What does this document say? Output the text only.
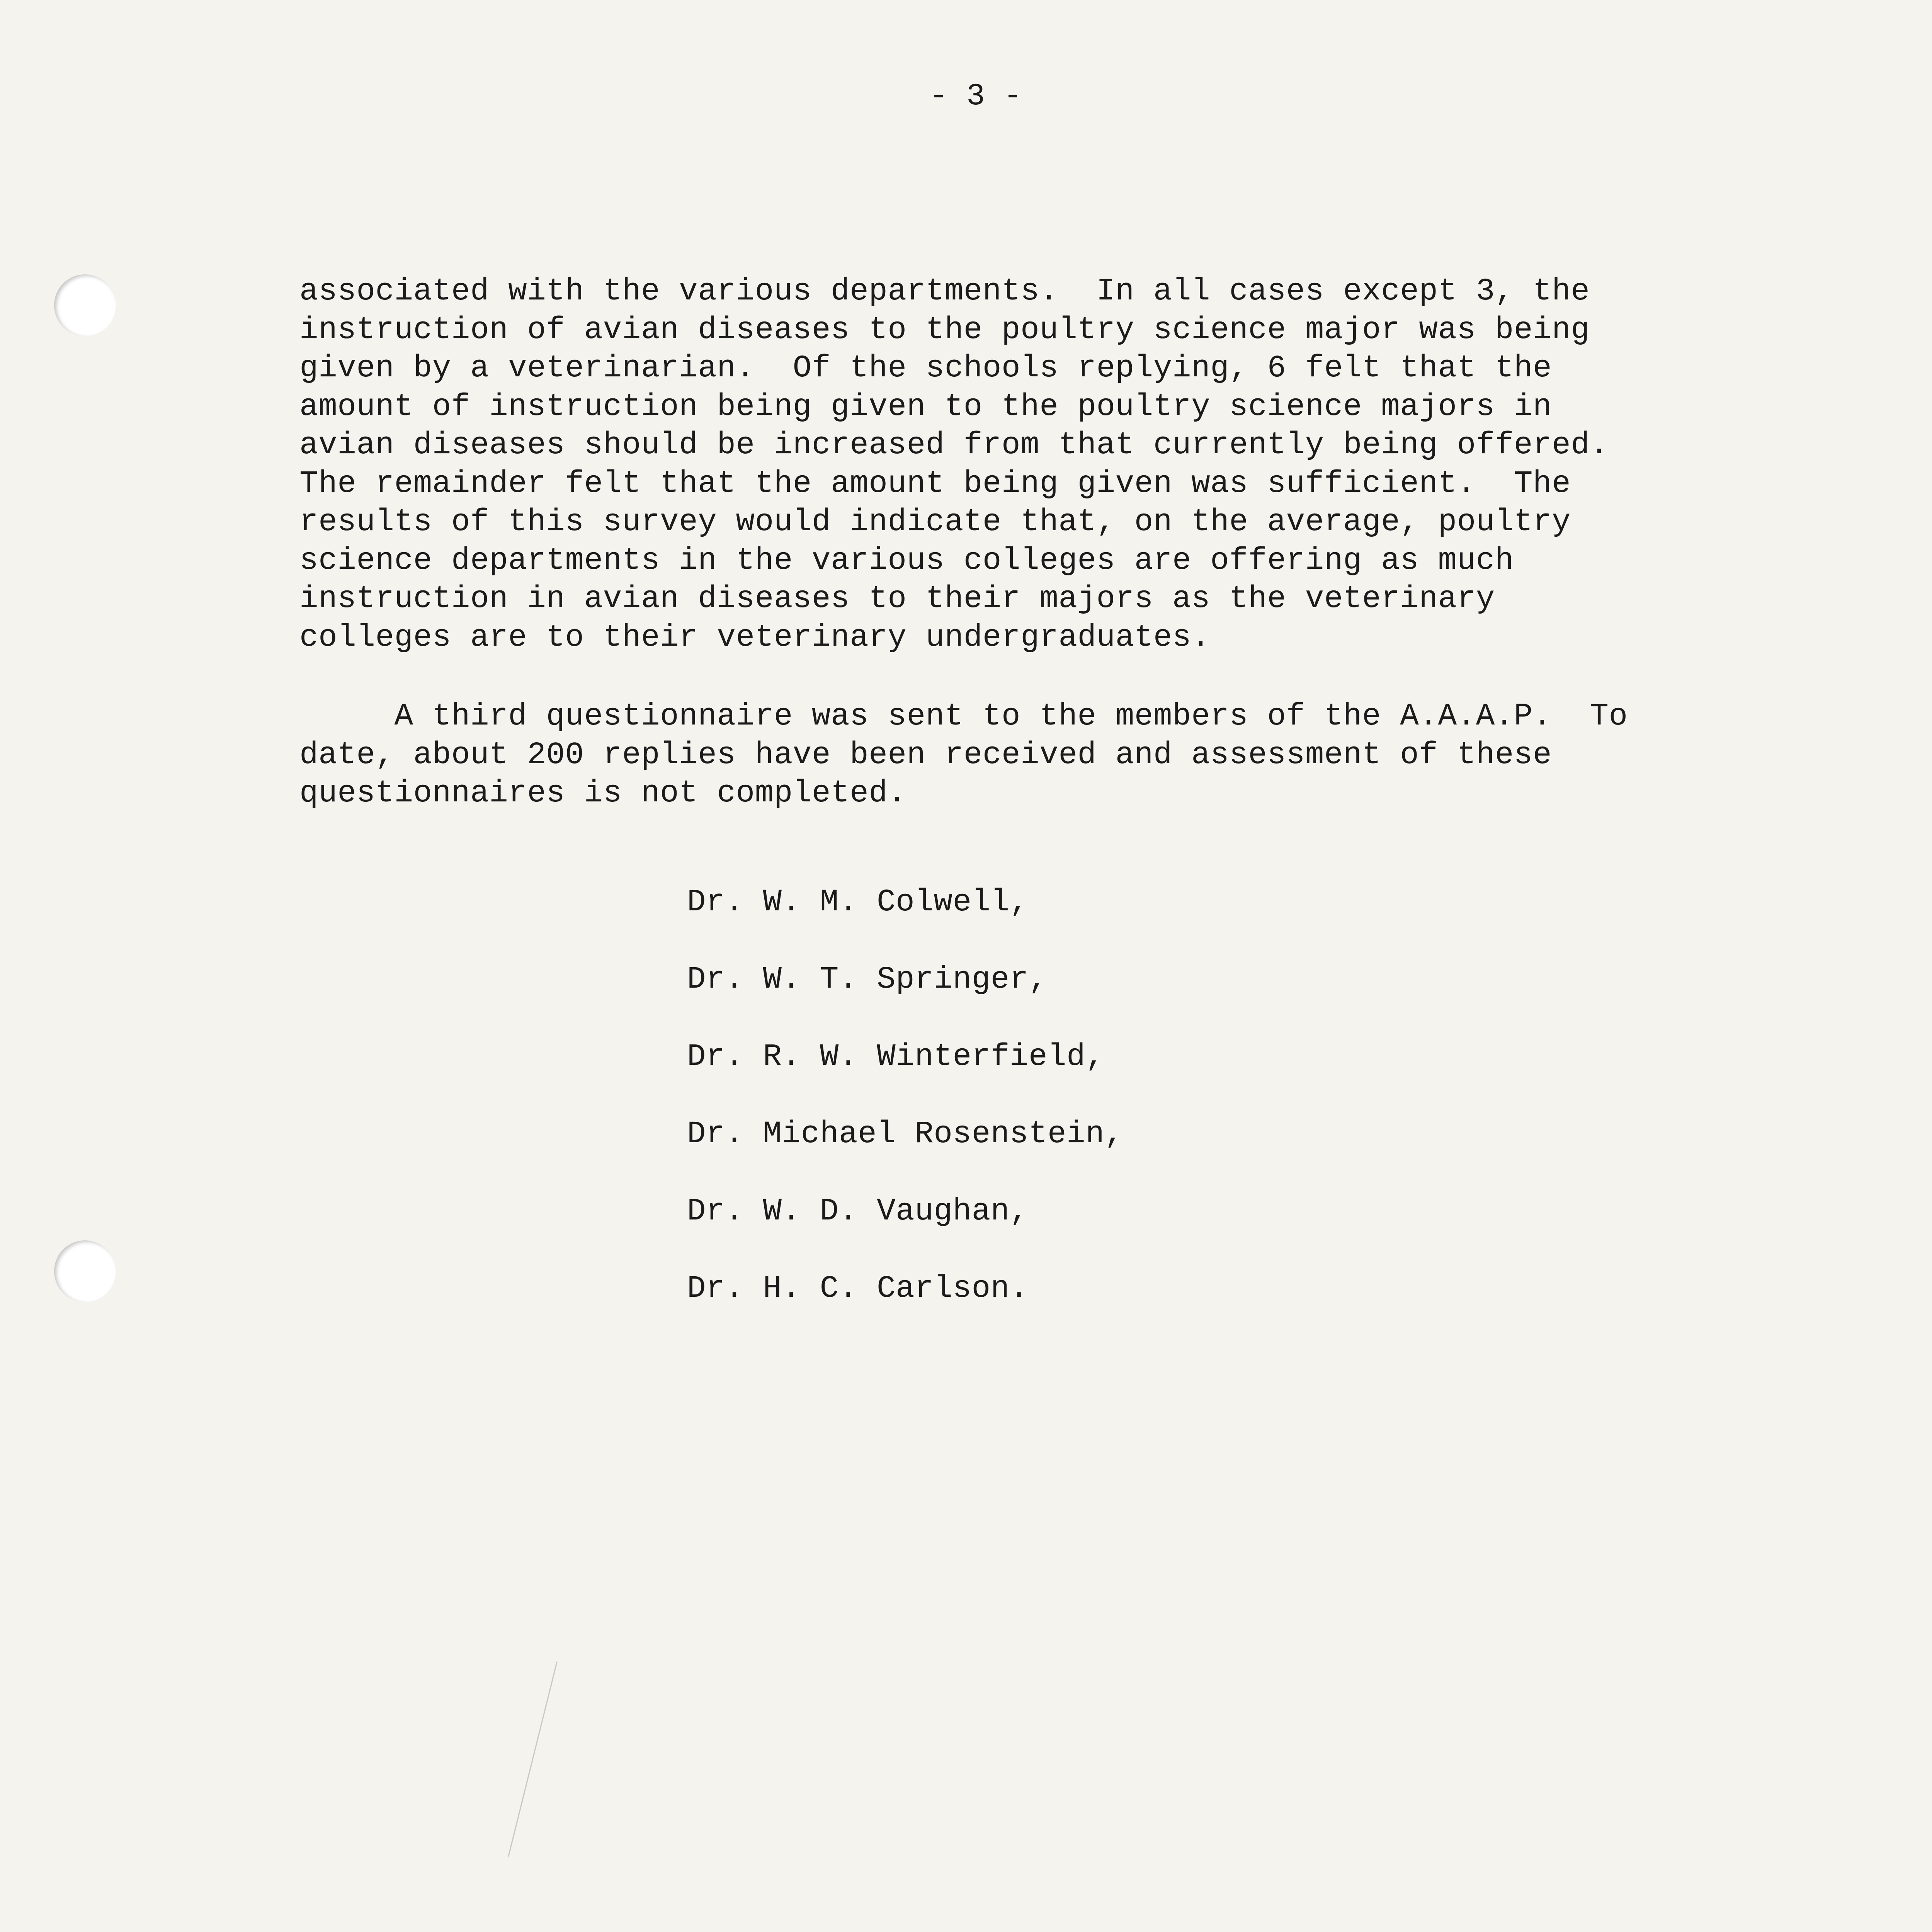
- 3 -
associated with the various departments.  In all cases except 3, the
instruction of avian diseases to the poultry science major was being
given by a veterinarian.  Of the schools replying, 6 felt that the
amount of instruction being given to the poultry science majors in
avian diseases should be increased from that currently being offered.
The remainder felt that the amount being given was sufficient.  The
results of this survey would indicate that, on the average, poultry
science departments in the various colleges are offering as much
instruction in avian diseases to their majors as the veterinary
colleges are to their veterinary undergraduates.
A third questionnaire was sent to the members of the A.A.A.P.  To
date, about 200 replies have been received and assessment of these
questionnaires is not completed.
Dr. W. M. Colwell,
Dr. W. T. Springer,
Dr. R. W. Winterfield,
Dr. Michael Rosenstein,
Dr. W. D. Vaughan,
Dr. H. C. Carlson.
